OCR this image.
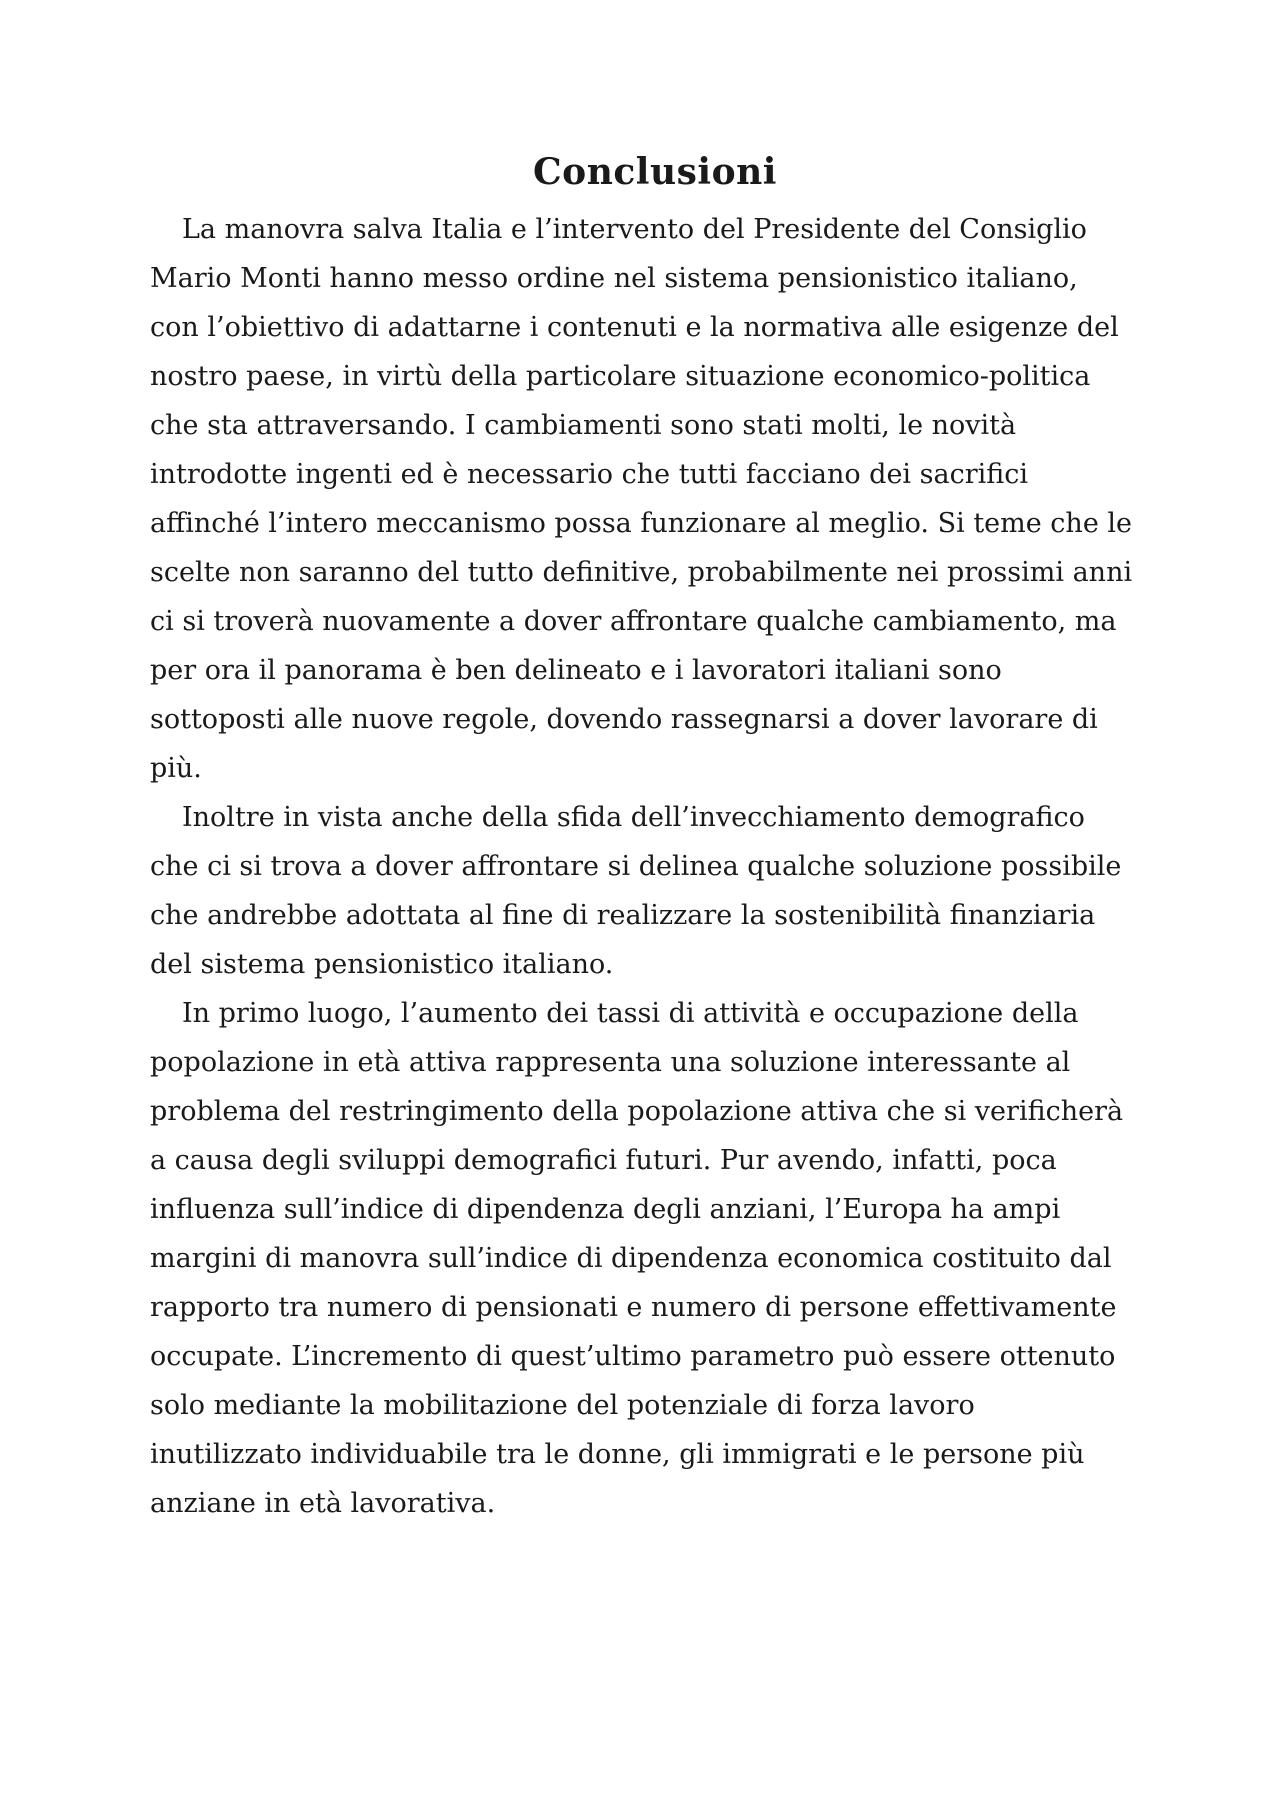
Conclusioni

La manovra salva Italia e l’intervento del Presidente del Consiglio Mario Monti hanno messo ordine nel sistema pensionistico italiano, con l’obiettivo di adattarne i contenuti e la normativa alle esigenze del nostro paese, in virtù della particolare situazione economico-politica che sta attraversando. I cambiamenti sono stati molti, le novità introdotte ingenti ed è necessario che tutti facciano dei sacrifici affinché l’intero meccanismo possa funzionare al meglio. Si teme che le scelte non saranno del tutto definitive, probabilmente nei prossimi anni ci si troverà nuovamente a dover affrontare qualche cambiamento, ma per ora il panorama è ben delineato e i lavoratori italiani sono sottoposti alle nuove regole, dovendo rassegnarsi a dover lavorare di più.

Inoltre in vista anche della sfida dell’invecchiamento demografico che ci si trova a dover affrontare si delinea qualche soluzione possibile che andrebbe adottata al fine di realizzare la sostenibilità finanziaria del sistema pensionistico italiano.

In primo luogo, l’aumento dei tassi di attività e occupazione della popolazione in età attiva rappresenta una soluzione interessante al problema del restringimento della popolazione attiva che si verificherà a causa degli sviluppi demografici futuri. Pur avendo, infatti, poca influenza sull’indice di dipendenza degli anziani, l’Europa ha ampi margini di manovra sull’indice di dipendenza economica costituito dal rapporto tra numero di pensionati e numero di persone effettivamente occupate. L’incremento di quest’ultimo parametro può essere ottenuto solo mediante la mobilitazione del potenziale di forza lavoro inutilizzato individuabile tra le donne, gli immigrati e le persone più anziane in età lavorativa.
